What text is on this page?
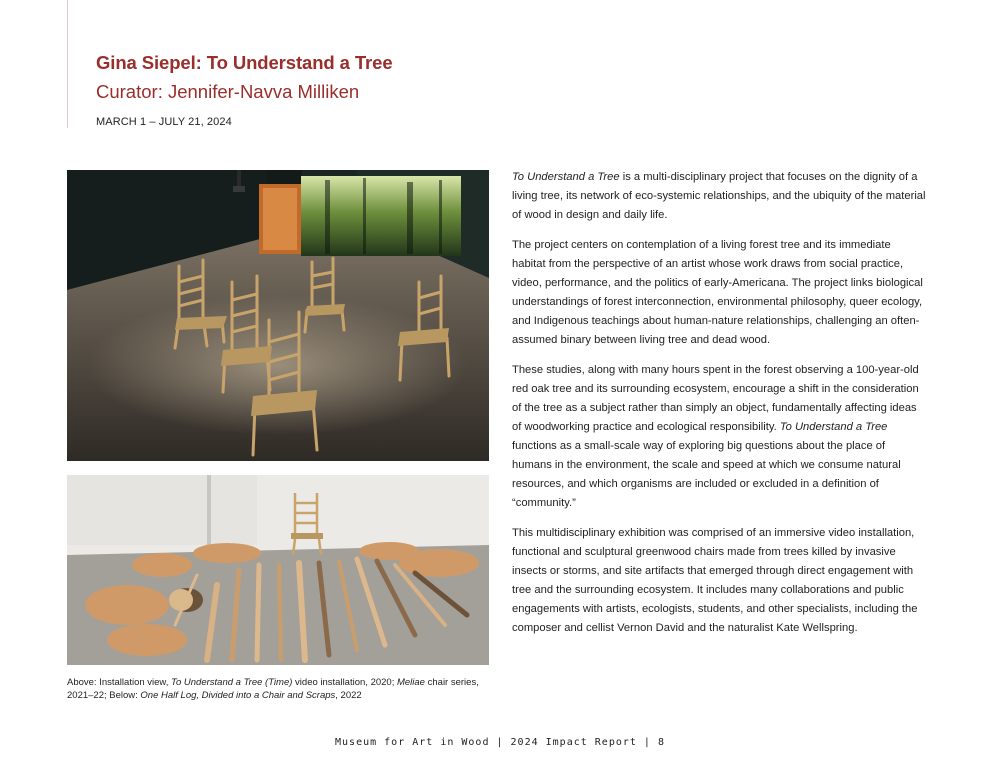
Gina Siepel: To Understand a Tree
Curator: Jennifer-Navva Milliken
MARCH 1 – JULY 21, 2024
Above: Installation view, To Understand a Tree (Time) video installation, 2020; Meliae chair series, 2021–22; Below: One Half Log, Divided into a Chair and Scraps, 2022

To Understand a Tree is a multi-disciplinary project that focuses on the dignity of a living tree, its network of eco-systemic relationships, and the ubiquity of the material of wood in design and daily life.

The project centers on contemplation of a living forest tree and its immediate habitat from the perspective of an artist whose work draws from social practice, video, performance, and the politics of early-Americana. The project links biological understandings of forest interconnection, environmental philosophy, queer ecology, and Indigenous teachings about human-nature relationships, challenging an often-assumed binary between living tree and dead wood.

These studies, along with many hours spent in the forest observing a 100-year-old red oak tree and its surrounding ecosystem, encourage a shift in the consideration of the tree as a subject rather than simply an object, fundamentally affecting ideas of woodworking practice and ecological responsibility. To Understand a Tree functions as a small-scale way of exploring big questions about the place of humans in the environment, the scale and speed at which we consume natural resources, and which organisms are included or excluded in a definition of “community.”

This multidisciplinary exhibition was comprised of an immersive video installation, functional and sculptural greenwood chairs made from trees killed by invasive insects or storms, and site artifacts that emerged through direct engagement with tree and the surrounding ecosystem. It includes many collaborations and public engagements with artists, ecologists, students, and other specialists, including the composer and cellist Vernon David and the naturalist Kate Wellspring.

Museum for Art in Wood | 2024 Impact Report | 8
